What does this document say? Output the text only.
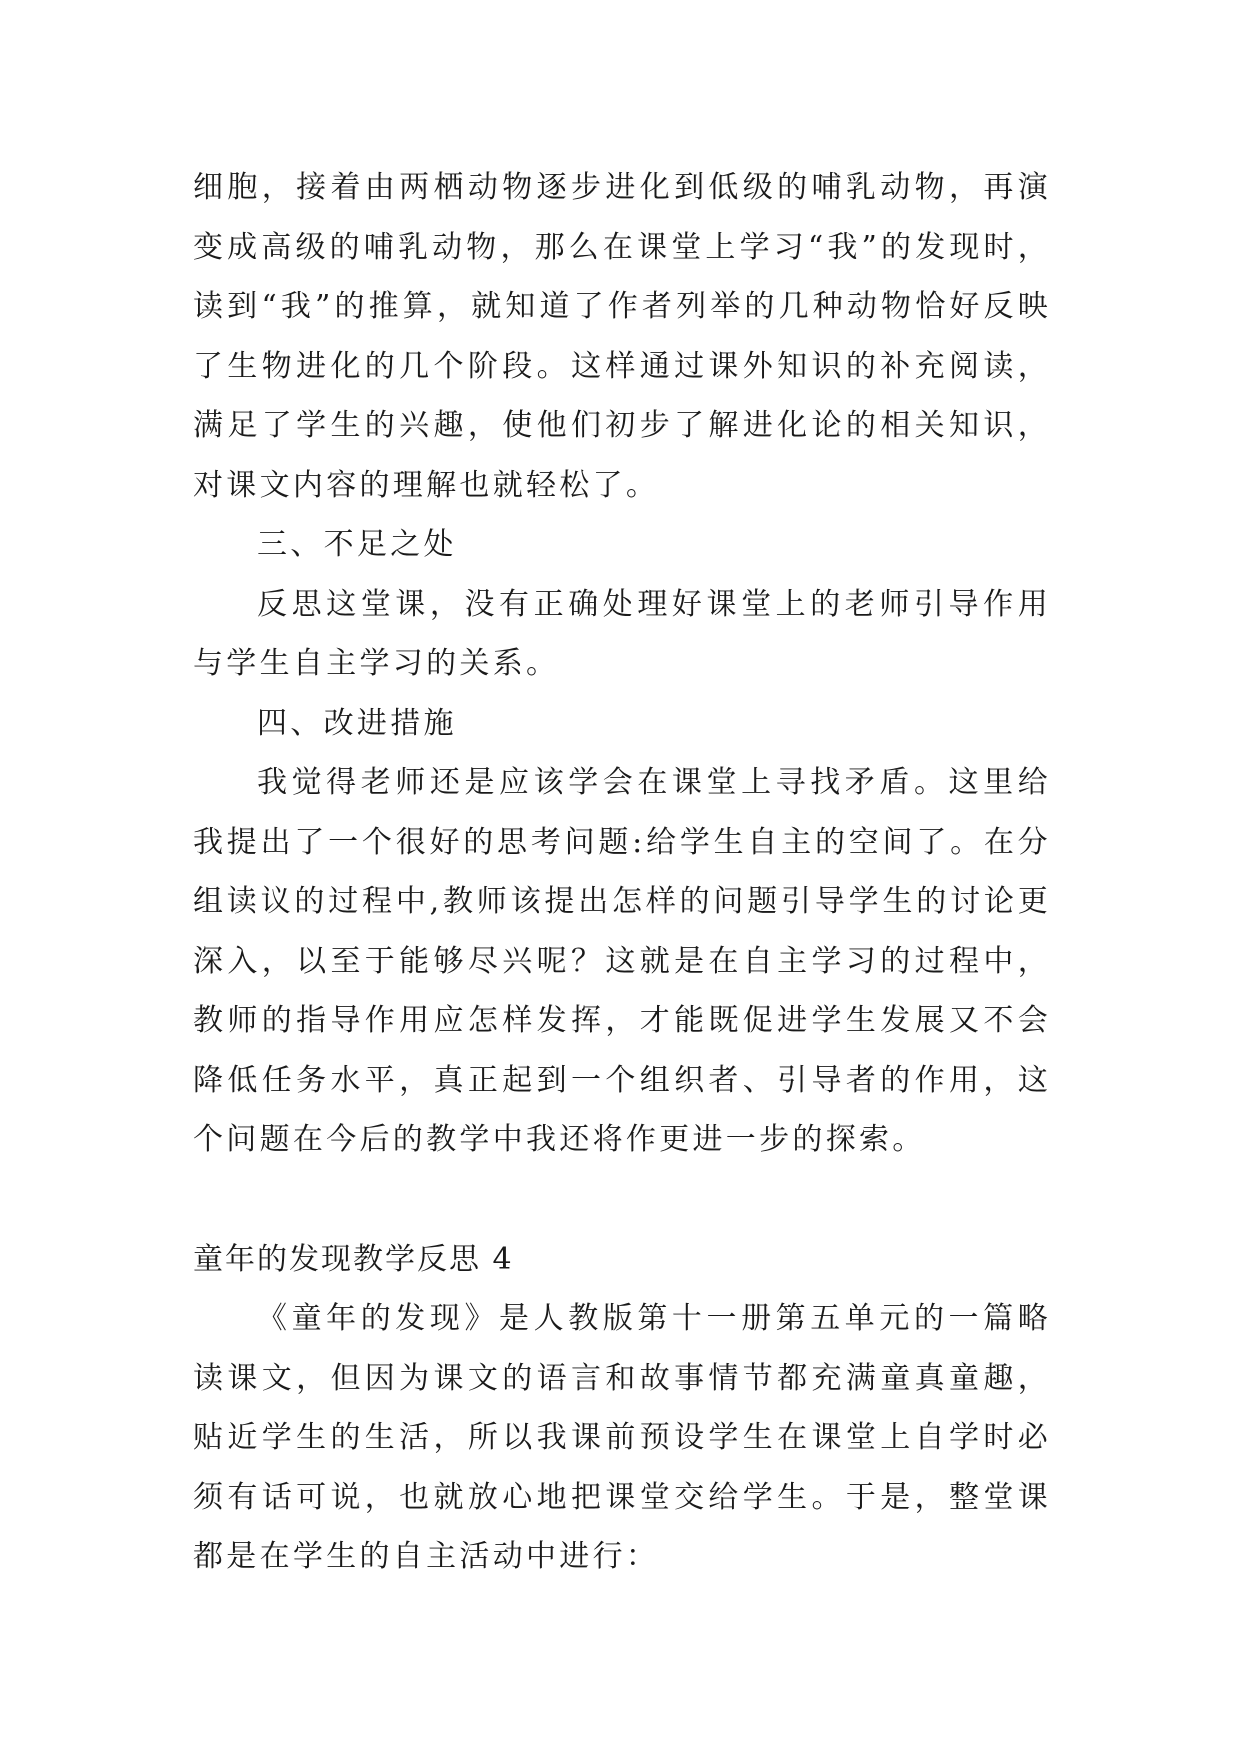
细胞，接着由两栖动物逐步进化到低级的哺乳动物，再演变成高级的哺乳动物，那么在课堂上学习“我”的发现时，读到“我”的推算，就知道了作者列举的几种动物恰好反映了生物进化的几个阶段。这样通过课外知识的补充阅读，满足了学生的兴趣，使他们初步了解进化论的相关知识，对课文内容的理解也就轻松了。

三、不足之处

反思这堂课，没有正确处理好课堂上的老师引导作用与学生自主学习的关系。

四、改进措施

我觉得老师还是应该学会在课堂上寻找矛盾。这里给我提出了一个很好的思考问题:给学生自主的空间了。在分组读议的过程中,教师该提出怎样的问题引导学生的讨论更深入，以至于能够尽兴呢？这就是在自主学习的过程中，教师的指导作用应怎样发挥，才能既促进学生发展又不会降低任务水平，真正起到一个组织者、引导者的作用，这个问题在今后的教学中我还将作更进一步的探索。

童年的发现教学反思 4

《童年的发现》是人教版第十一册第五单元的一篇略读课文，但因为课文的语言和故事情节都充满童真童趣，贴近学生的生活，所以我课前预设学生在课堂上自学时必须有话可说，也就放心地把课堂交给学生。于是，整堂课都是在学生的自主活动中进行：
